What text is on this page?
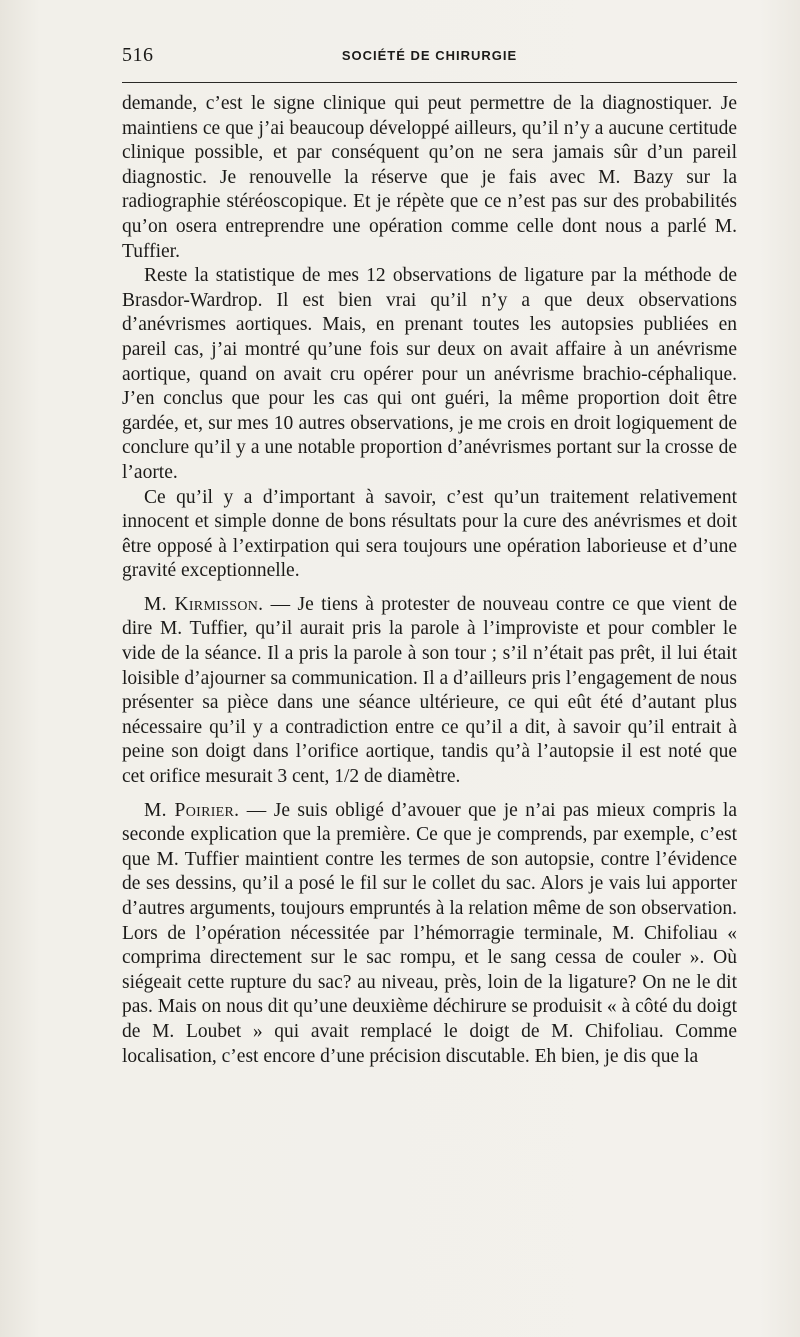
516	SOCIÉTÉ DE CHIRURGIE

demande, c’est le signe clinique qui peut permettre de la diagnostiquer. Je maintiens ce que j’ai beaucoup développé ailleurs, qu’il n’y a aucune certitude clinique possible, et par conséquent qu’on ne sera jamais sûr d’un pareil diagnostic. Je renouvelle la réserve que je fais avec M. Bazy sur la radiographie stéréoscopique. Et je répète que ce n’est pas sur des probabilités qu’on osera entreprendre une opération comme celle dont nous a parlé M. Tuffier.

Reste la statistique de mes 12 observations de ligature par la méthode de Brasdor-Wardrop. Il est bien vrai qu’il n’y a que deux observations d’anévrismes aortiques. Mais, en prenant toutes les autopsies publiées en pareil cas, j’ai montré qu’une fois sur deux on avait affaire à un anévrisme aortique, quand on avait cru opérer pour un anévrisme brachio-céphalique. J’en conclus que pour les cas qui ont guéri, la même proportion doit être gardée, et, sur mes 10 autres observations, je me crois en droit logiquement de conclure qu’il y a une notable proportion d’anévrismes portant sur la crosse de l’aorte.

Ce qu’il y a d’important à savoir, c’est qu’un traitement relativement innocent et simple donne de bons résultats pour la cure des anévrismes et doit être opposé à l’extirpation qui sera toujours une opération laborieuse et d’une gravité exceptionnelle.

M. Kirmisson. — Je tiens à protester de nouveau contre ce que vient de dire M. Tuffier, qu’il aurait pris la parole à l’improviste et pour combler le vide de la séance. Il a pris la parole à son tour ; s’il n’était pas prêt, il lui était loisible d’ajourner sa communication. Il a d’ailleurs pris l’engagement de nous présenter sa pièce dans une séance ultérieure, ce qui eût été d’autant plus nécessaire qu’il y a contradiction entre ce qu’il a dit, à savoir qu’il entrait à peine son doigt dans l’orifice aortique, tandis qu’à l’autopsie il est noté que cet orifice mesurait 3 cent, 1/2 de diamètre.

M. Poirier. — Je suis obligé d’avouer que je n’ai pas mieux compris la seconde explication que la première. Ce que je comprends, par exemple, c’est que M. Tuffier maintient contre les termes de son autopsie, contre l’évidence de ses dessins, qu’il a posé le fil sur le collet du sac. Alors je vais lui apporter d’autres arguments, toujours empruntés à la relation même de son observation. Lors de l’opération nécessitée par l’hémorragie terminale, M. Chifoliau « comprima directement sur le sac rompu, et le sang cessa de couler ». Où siégeait cette rupture du sac? au niveau, près, loin de la ligature? On ne le dit pas. Mais on nous dit qu’une deuxième déchirure se produisit « à côté du doigt de M. Loubet » qui avait remplacé le doigt de M. Chifoliau. Comme localisation, c’est encore d’une précision discutable. Eh bien, je dis que la
